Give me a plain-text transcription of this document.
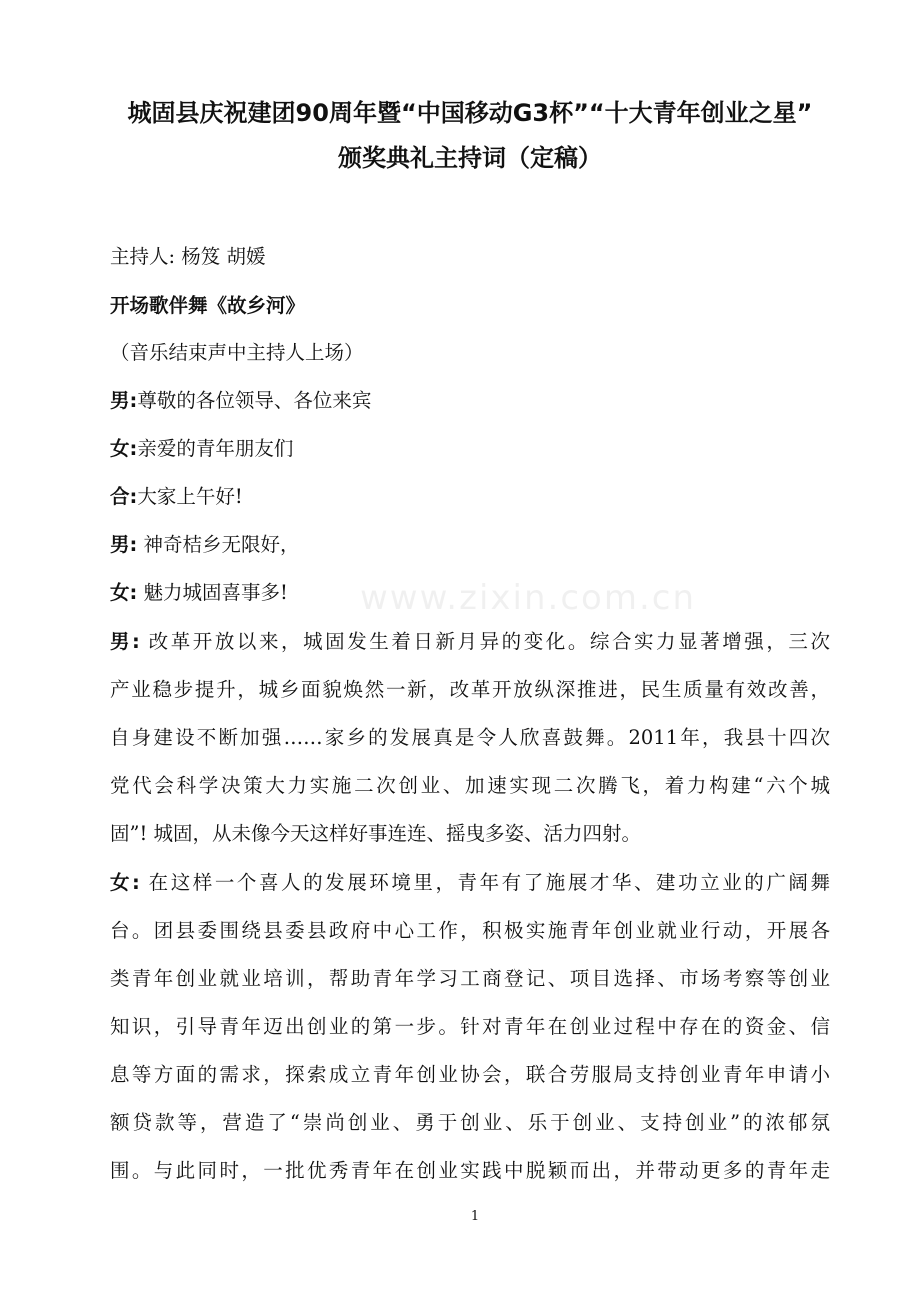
www.zixin.com.cn
城固县庆祝建团90周年暨“中国移动G3杯”“十大青年创业之星”
颁奖典礼主持词（定稿）
主持人: 杨笈 胡媛
开场歌伴舞《故乡河》
（音乐结束声中主持人上场）
男:尊敬的各位领导、各位来宾
女:亲爱的青年朋友们
合:大家上午好!
男: 神奇桔乡无限好，
女: 魅力城固喜事多!
男: 改革开放以来，城固发生着日新月异的变化。综合实力显著增强，三次
产业稳步提升，城乡面貌焕然一新，改革开放纵深推进，民生质量有效改善，
自身建设不断加强……家乡的发展真是令人欣喜鼓舞。2011年，我县十四次
党代会科学决策大力实施二次创业、加速实现二次腾飞，着力构建“六个城
固”! 城固，从未像今天这样好事连连、摇曳多姿、活力四射。
女: 在这样一个喜人的发展环境里，青年有了施展才华、建功立业的广阔舞
台。团县委围绕县委县政府中心工作，积极实施青年创业就业行动，开展各
类青年创业就业培训，帮助青年学习工商登记、项目选择、市场考察等创业
知识，引导青年迈出创业的第一步。针对青年在创业过程中存在的资金、信
息等方面的需求，探索成立青年创业协会，联合劳服局支持创业青年申请小
额贷款等，营造了“崇尚创业、勇于创业、乐于创业、支持创业”的浓郁氛
围。与此同时，一批优秀青年在创业实践中脱颖而出，并带动更多的青年走
1
